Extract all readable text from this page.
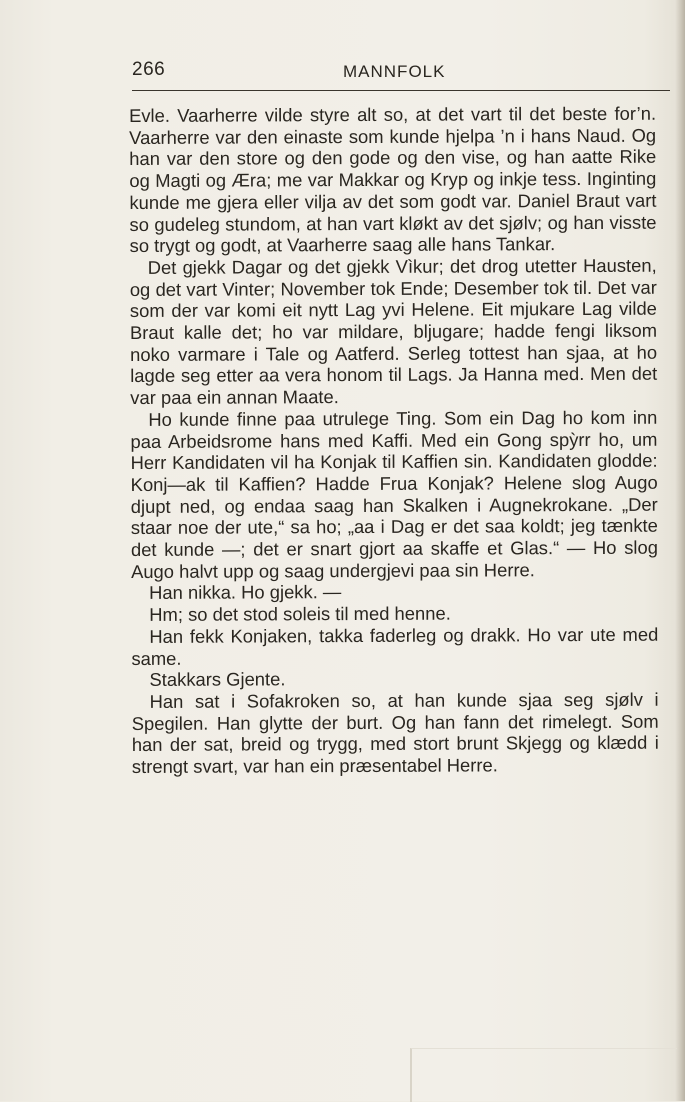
266	MANNFOLK

Evle. Vaarherre vilde styre alt so, at det vart til det beste for’n. Vaarherre var den einaste som kunde hjelpa ’n i hans Naud. Og han var den store og den gode og den vise, og han aatte Rike og Magti og Æra; me var Makkar og Kryp og inkje tess. Inginting kunde me gjera eller vilja av det som godt var. Daniel Braut vart so gudeleg stundom, at han vart kløkt av det sjølv; og han visste so trygt og godt, at Vaarherre saag alle hans Tankar.

Det gjekk Dagar og det gjekk Vìkur; det drog utetter Hausten, og det vart Vinter; November tok Ende; Desember tok til. Det var som der var komi eit nytt Lag yvi Helene. Eit mjukare Lag vilde Braut kalle det; ho var mildare, bljugare; hadde fengi liksom noko varmare i Tale og Aatferd. Serleg tottest han sjaa, at ho lagde seg etter aa vera honom til Lags. Ja Hanna med. Men det var paa ein annan Maate.

Ho kunde finne paa utrulege Ting. Som ein Dag ho kom inn paa Arbeidsrome hans med Kaffi. Med ein Gong spỳrr ho, um Herr Kandidaten vil ha Konjak til Kaffien sin. Kandidaten glodde: Konj—ak til Kaffien? Hadde Frua Konjak? Helene slog Augo djupt ned, og endaa saag han Skalken i Augnekrokane. „Der staar noe der ute,“ sa ho; „aa i Dag er det saa koldt; jeg tænkte det kunde —; det er snart gjort aa skaffe et Glas.“ — Ho slog Augo halvt upp og saag undergjevi paa sin Herre.

Han nikka. Ho gjekk. —

Hm; so det stod soleis til med henne.

Han fekk Konjaken, takka faderleg og drakk. Ho var ute med same.

Stakkars Gjente.

Han sat i Sofakroken so, at han kunde sjaa seg sjølv i Spegilen. Han glytte der burt. Og han fann det rimelegt. Som han der sat, breid og trygg, med stort brunt Skjegg og klædd i strengt svart, var han ein præsentabel Herre.
